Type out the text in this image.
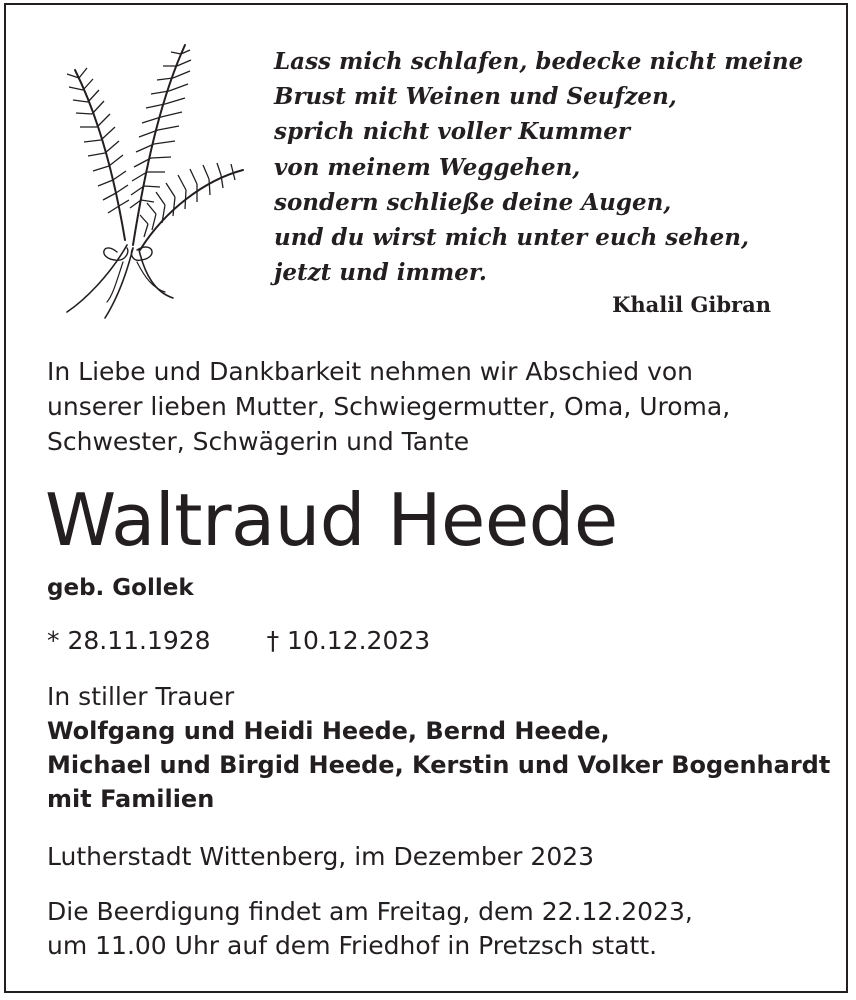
Lass mich schlafen, bedecke nicht meine
Brust mit Weinen und Seufzen,
sprich nicht voller Kummer
von meinem Weggehen,
sondern schließe deine Augen,
und du wirst mich unter euch sehen,
jetzt und immer.
Khalil Gibran
In Liebe und Dankbarkeit nehmen wir Abschied von
unserer lieben Mutter, Schwiegermutter, Oma, Uroma,
Schwester, Schwägerin und Tante
Waltraud Heede
geb. Gollek
* 28.11.1928 † 10.12.2023
In stiller Trauer
Wolfgang und Heidi Heede, Bernd Heede,
Michael und Birgid Heede, Kerstin und Volker Bogenhardt
mit Familien
Lutherstadt Wittenberg, im Dezember 2023
Die Beerdigung findet am Freitag, dem 22.12.2023,
um 11.00 Uhr auf dem Friedhof in Pretzsch statt.
